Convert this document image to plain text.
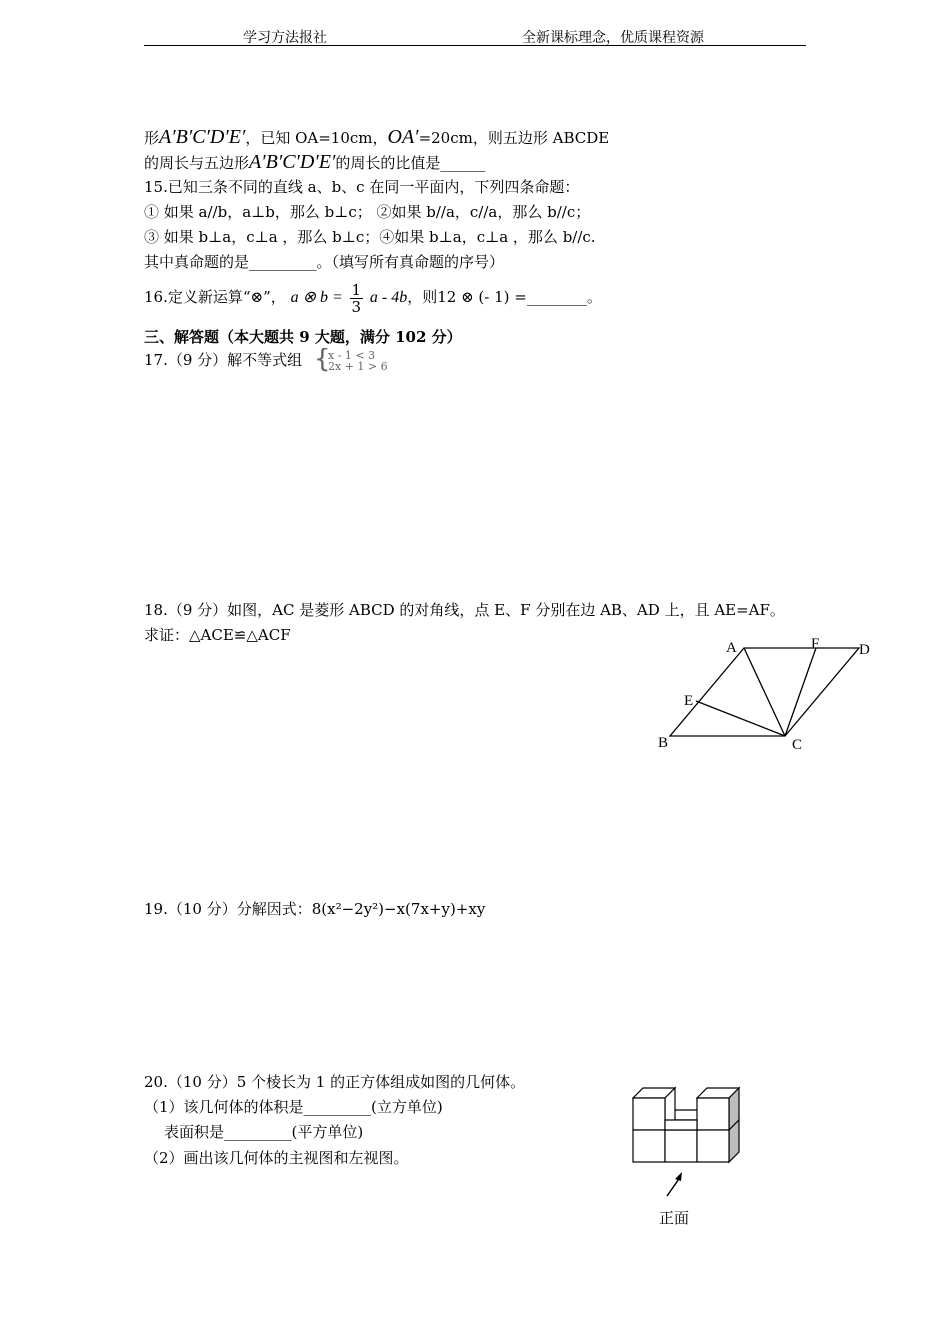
学习方法报社	全新课标理念，优质课程资源
形A′B′C′D′E′，已知 OA=10cm，OA′=20cm，则五边形 ABCDE
的周长与五边形A′B′C′D′E′的周长的比值是______
15.已知三条不同的直线 a、b、c 在同一平面内，下列四条命题：
① 如果 a//b，a⊥b，那么 b⊥c； ②如果 b//a，c//a，那么 b//c；
③ 如果 b⊥a，c⊥a ，那么 b⊥c；④如果 b⊥a，c⊥a ，那么 b//c.
其中真命题的是_________。（填写所有真命题的序号）
16.定义新运算“⊗”， a ⊗ $b = \frac{1}{3}$ a - 4b，则12 ⊗ (- 1) =________。
三、解答题（本大题共 9 大题，满分 102 分）
17.（9 分）解不等式组 {
x - 1 < 3
2x + 1 > 6
18.（9 分）如图，AC 是菱形 ABCD 的对角线，点 E、F 分别在边 AB、AD 上，且 AE=AF。
求证：△ACE≌△ACF
A	F	D
E
B	C
19.（10 分）分解因式：8(x²−2y²)−x(7x+y)+xy
20.（10 分）5 个棱长为 1 的正方体组成如图的几何体。
（1）该几何体的体积是_________(立方单位)
表面积是_________(平方单位)
（2）画出该几何体的主视图和左视图。
正面
